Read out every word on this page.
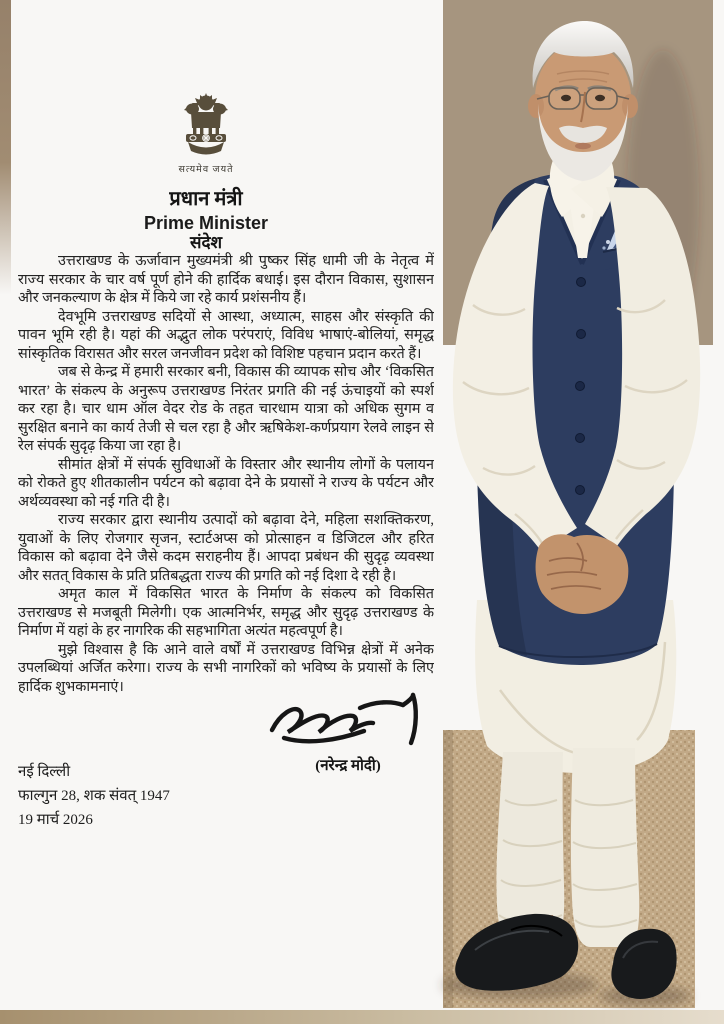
सत्यमेव जयते
प्रधान मंत्री
Prime Minister
संदेश

उत्तराखण्ड के ऊर्जावान मुख्यमंत्री श्री पुष्कर सिंह धामी जी के नेतृत्व में राज्य सरकार के चार वर्ष पूर्ण होने की हार्दिक बधाई। इस दौरान विकास, सुशासन और जनकल्याण के क्षेत्र में किये जा रहे कार्य प्रशंसनीय हैं।

देवभूमि उत्तराखण्ड सदियों से आस्था, अध्यात्म, साहस और संस्कृति की पावन भूमि रही है। यहां की अद्भुत लोक परंपराएं, विविध भाषाएं-बोलियां, समृद्ध सांस्कृतिक विरासत और सरल जनजीवन प्रदेश को विशिष्ट पहचान प्रदान करते हैं।

जब से केन्द्र में हमारी सरकार बनी, विकास की व्यापक सोच और ‘विकसित भारत’ के संकल्प के अनुरूप उत्तराखण्ड निरंतर प्रगति की नई ऊंचाइयों को स्पर्श कर रहा है। चार धाम ऑल वेदर रोड के तहत चारधाम यात्रा को अधिक सुगम व सुरक्षित बनाने का कार्य तेजी से चल रहा है और ऋषिकेश-कर्णप्रयाग रेलवे लाइन से रेल संपर्क सुदृढ़ किया जा रहा है।

सीमांत क्षेत्रों में संपर्क सुविधाओं के विस्तार और स्थानीय लोगों के पलायन को रोकते हुए शीतकालीन पर्यटन को बढ़ावा देने के प्रयासों ने राज्य के पर्यटन और अर्थव्यवस्था को नई गति दी है।

राज्य सरकार द्वारा स्थानीय उत्पादों को बढ़ावा देने, महिला सशक्तिकरण, युवाओं के लिए रोजगार सृजन, स्टार्टअप्स को प्रोत्साहन व डिजिटल और हरित विकास को बढ़ावा देने जैसे कदम सराहनीय हैं। आपदा प्रबंधन की सुदृढ़ व्यवस्था और सतत् विकास के प्रति प्रतिबद्धता राज्य की प्रगति को नई दिशा दे रही है।

अमृत काल में विकसित भारत के निर्माण के संकल्प को विकसित उत्तराखण्ड से मजबूती मिलेगी। एक आत्मनिर्भर, समृद्ध और सुदृढ़ उत्तराखण्ड के निर्माण में यहां के हर नागरिक की सहभागिता अत्यंत महत्वपूर्ण है।

मुझे विश्वास है कि आने वाले वर्षों में उत्तराखण्ड विभिन्न क्षेत्रों में अनेक उपलब्धियां अर्जित करेगा। राज्य के सभी नागरिकों को भविष्य के प्रयासों के लिए हार्दिक शुभकामनाएं।

(नरेन्द्र मोदी)
नई दिल्ली
फाल्गुन 28, शक संवत् 1947
19 मार्च 2026
